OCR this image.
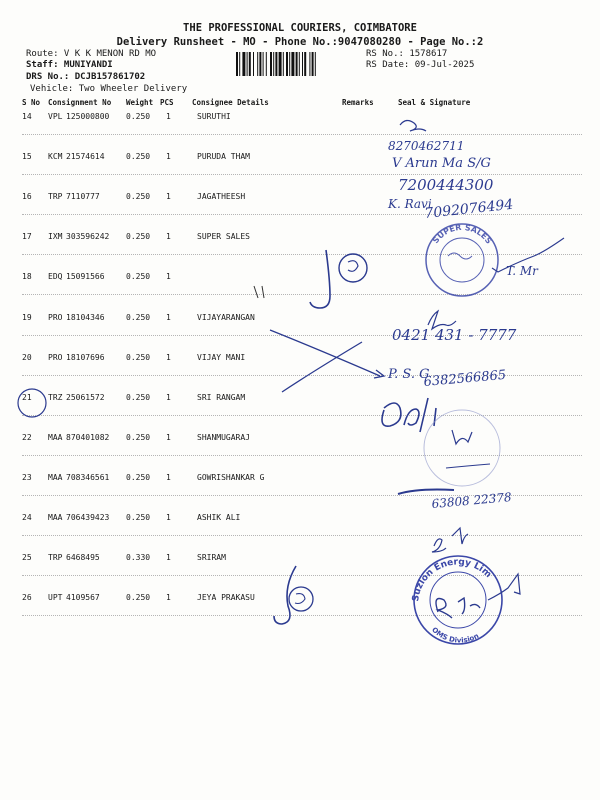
THE PROFESSIONAL COURIERS, COIMBATORE
Delivery Runsheet - MO - Phone No.:9047080280 - Page No.:2
Route: V K K MENON RD MO
Staff: MUNIYANDI
DRS No.: DCJB157861702
Vehicle: Two Wheeler Delivery
RS No.: 1578617
RS Date: 09-Jul-2025
S No Consignment No Weight PCS Consignee Details	Remarks	Seal & Signature
14 VPL 125000800 0.250 1	SURUTHI
15 KCM 21574614	0.250 1	PURUDA THAM
16 TRP 7110777	0.250 1	JAGATHEESH
17 IXM 303596242 0.250 1	SUPER SALES
18 EDQ 15091566	0.250 1
19 PRO 18104346	0.250 1	VIJAYARANGAN
20 PRO 18107696	0.250 1	VIJAY MANI
21 TRZ 25061572	0.250 1	SRI RANGAM
22 MAA 870401082 0.250 1	SHANMUGARAJ
23 MAA 708346561 0.250 1	GOWRISHANKAR G
24 MAA 706439423 0.250 1	ASHIK ALI
25 TRP 6468495	0.330 1	SRIRAM
26 UPT 4109567	0.250 1	JEYA PRAKASU
8270462711
V Arun Ma S/G
7200444300
K. Ravi
7092076494
SUPER SALES
T. Mr
0421 431 - 7777
P. S. G
6382566865
63808 22378
Suzlon Energy Lim
OMS Division
